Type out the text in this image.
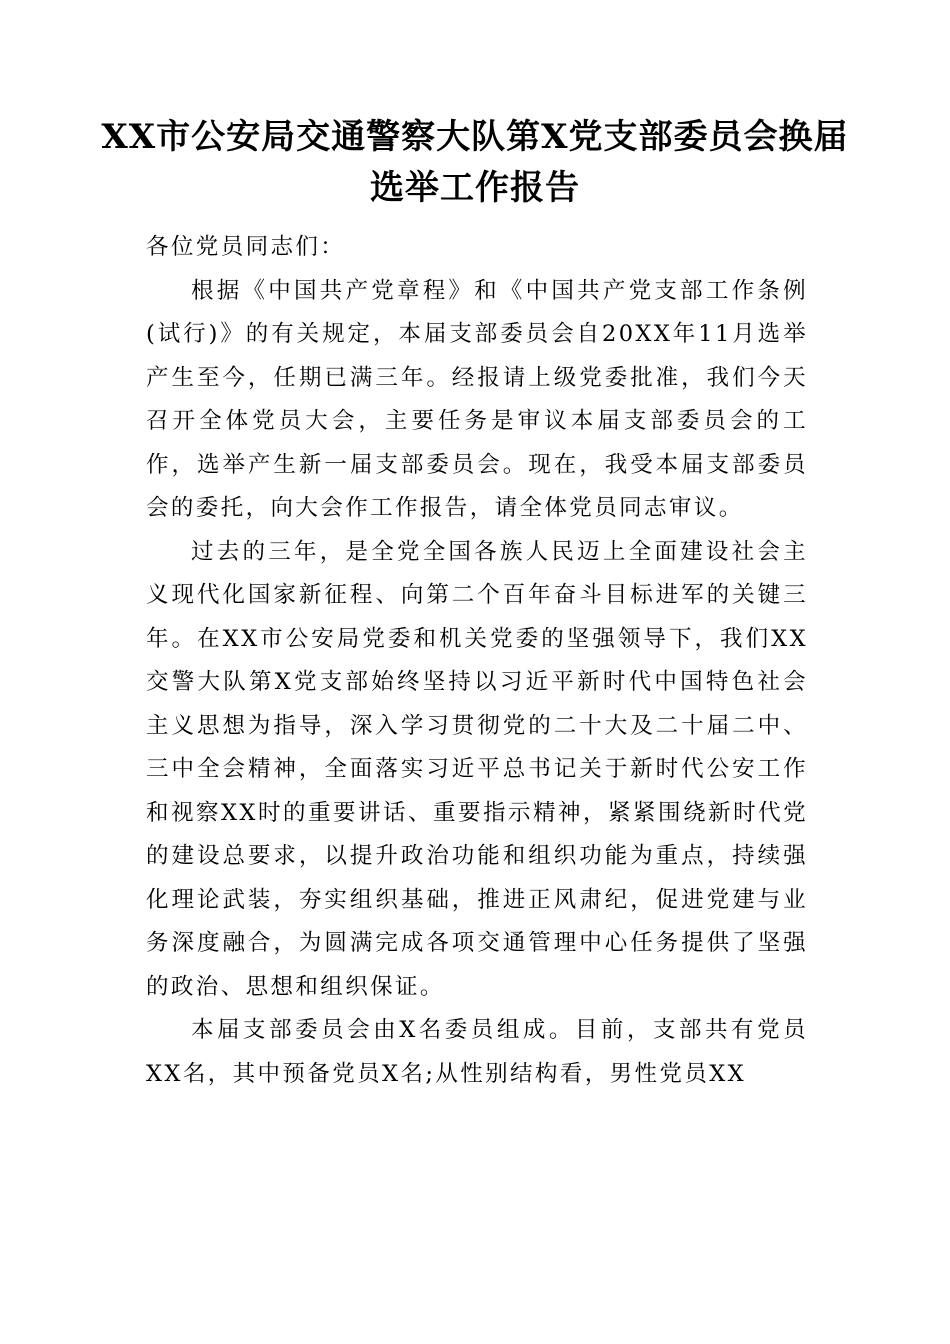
XX市公安局交通警察大队第X党支部委员会换届选举工作报告

各位党员同志们：

根据《中国共产党章程》和《中国共产党支部工作条例(试行)》的有关规定，本届支部委员会自20XX年11月选举产生至今，任期已满三年。经报请上级党委批准，我们今天召开全体党员大会，主要任务是审议本届支部委员会的工作，选举产生新一届支部委员会。现在，我受本届支部委员会的委托，向大会作工作报告，请全体党员同志审议。

过去的三年，是全党全国各族人民迈上全面建设社会主义现代化国家新征程、向第二个百年奋斗目标进军的关键三年。在XX市公安局党委和机关党委的坚强领导下，我们XX交警大队第X党支部始终坚持以习近平新时代中国特色社会主义思想为指导，深入学习贯彻党的二十大及二十届二中、三中全会精神，全面落实习近平总书记关于新时代公安工作和视察XX时的重要讲话、重要指示精神，紧紧围绕新时代党的建设总要求，以提升政治功能和组织功能为重点，持续强化理论武装，夯实组织基础，推进正风肃纪，促进党建与业务深度融合，为圆满完成各项交通管理中心任务提供了坚强的政治、思想和组织保证。

本届支部委员会由X名委员组成。目前，支部共有党员XX名，其中预备党员X名;从性别结构看，男性党员XX
